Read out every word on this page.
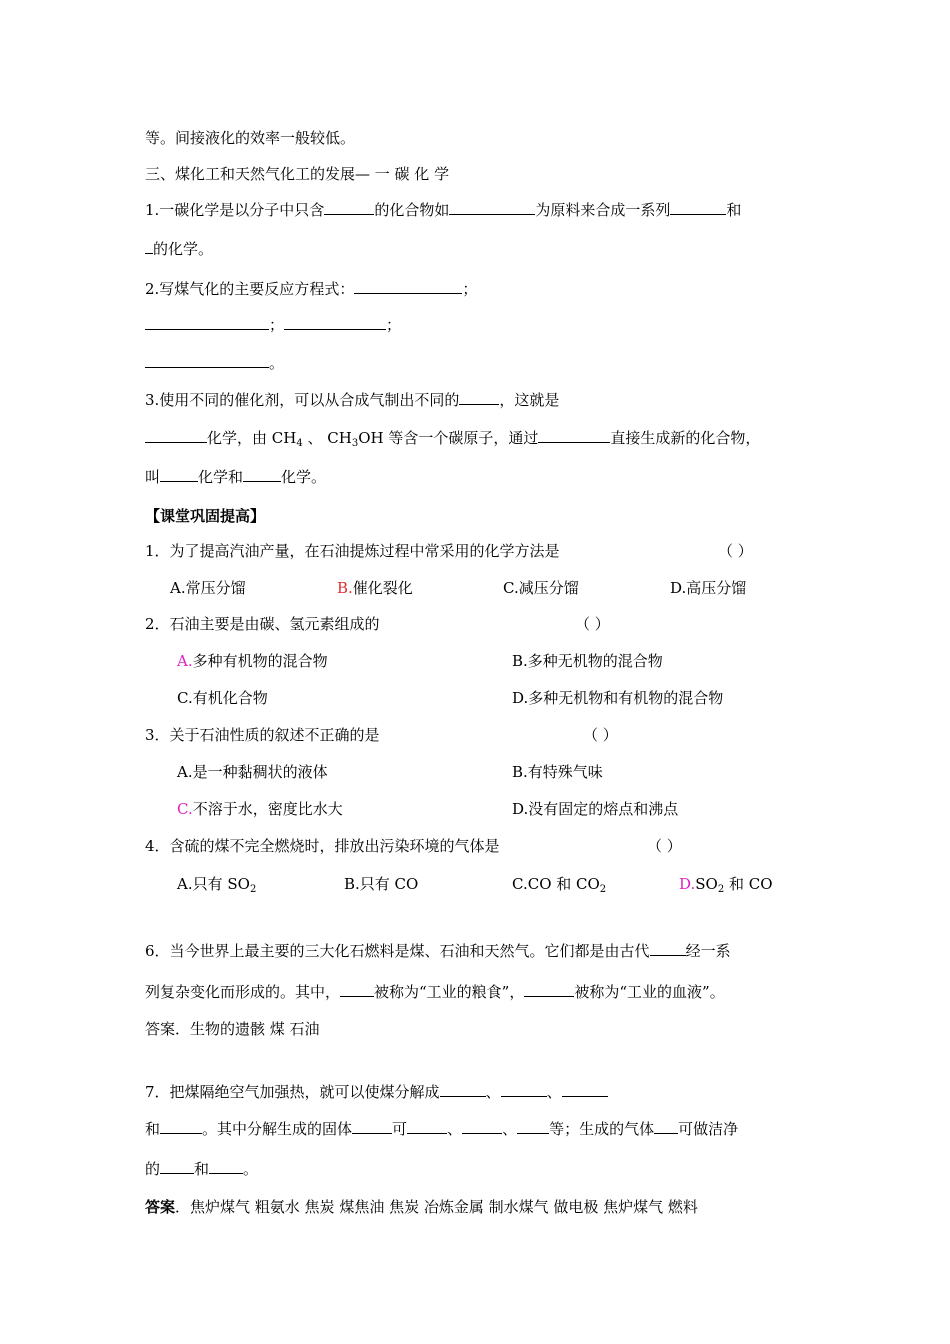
等。间接液化的效率一般较低。
三、煤化工和天然气化工的发展— 一 碳 化 学
1.一碳化学是以分子中只含	的化合物如	为原料来合成一系列	和
的化学。
2.写煤气化的主要反应方程式：	；
；	；
。
3.使用不同的催化剂，可以从合成气制出不同的	，这就是
化学，由 $CH_4$ 、 $CH_3OH$ 等含一个碳原子，通过	直接生成新的化合物，
叫	化学和	化学。
【课堂巩固提高】
1．为了提高汽油产量，在石油提炼过程中常采用的化学方法是	（ ）
A.常压分馏	B.催化裂化	C.减压分馏	D.高压分馏
2．石油主要是由碳、氢元素组成的	（ ）
A.多种有机物的混合物	B.多种无机物的混合物
C.有机化合物	D.多种无机物和有机物的混合物
3．关于石油性质的叙述不正确的是	（ ）
A.是一种黏稠状的液体	B.有特殊气味
C.不溶于水，密度比水大	D.没有固定的熔点和沸点
4．含硫的煤不完全燃烧时，排放出污染环境的气体是	（ ）
A.只有 $SO_2$	B.只有 CO	C.CO 和 $CO_2$	$D.SO_2$ 和 CO
6．当今世界上最主要的三大化石燃料是煤、石油和天然气。它们都是由古代 经一系
列复杂变化而形成的。其中， 被称为“工业的粮食”，	被称为“工业的血液”。
答案．生物的遗骸 煤 石油
7．把煤隔绝空气加强热，就可以使煤分解成	、	、
和	。其中分解生成的固体	可	、	、 等；生成的气体 可做洁净
的 和 。
答案．焦炉煤气 粗氨水 焦炭 煤焦油 焦炭 冶炼金属 制水煤气 做电极 焦炉煤气 燃料
